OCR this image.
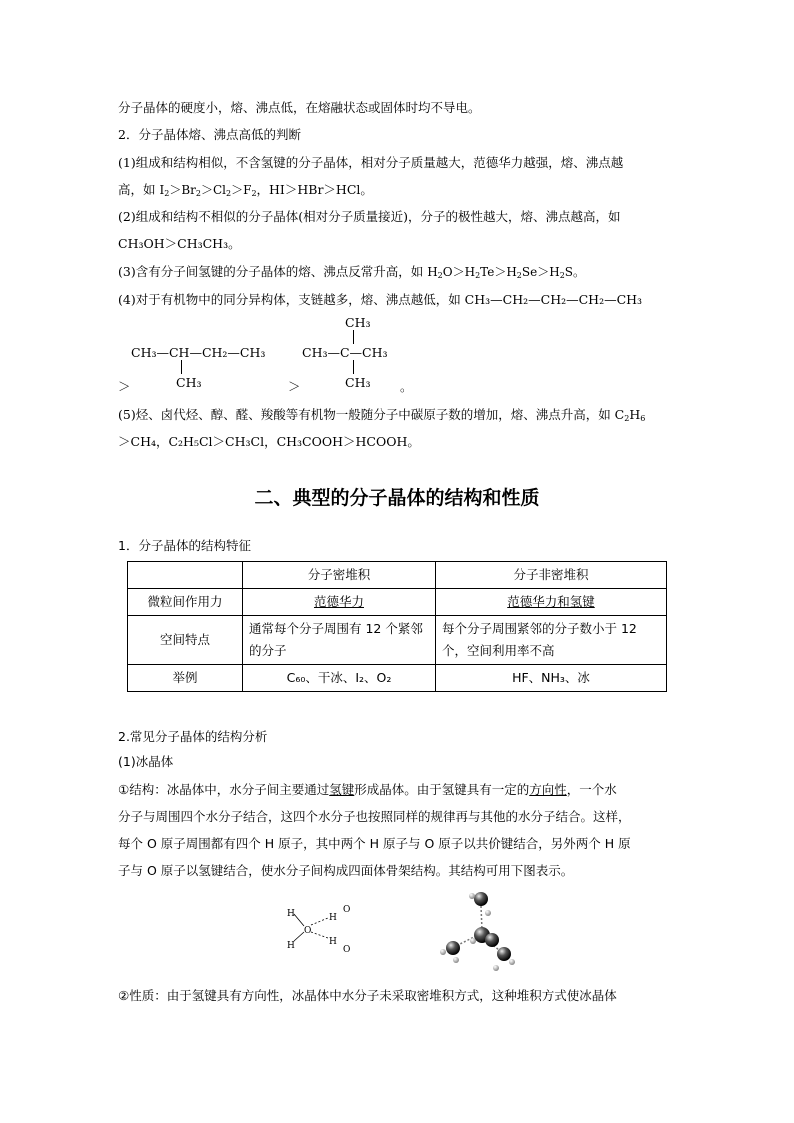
分子晶体的硬度小，熔、沸点低，在熔融状态或固体时均不导电。
2．分子晶体熔、沸点高低的判断
(1)组成和结构相似，不含氢键的分子晶体，相对分子质量越大，范德华力越强，熔、沸点越
高，如 $I_2>Br_2>Cl_2>F_2$，HI＞HBr＞HCl。
(2)组成和结构不相似的分子晶体(相对分子质量接近)，分子的极性越大，熔、沸点越高，如
CH₃OH＞CH₃CH₃。
(3)含有分子间氢键的分子晶体的熔、沸点反常升高，如 $H_2O>H_2Te>H_2Se>H_2S$。
(4)对于有机物中的同分异构体，支链越多，熔、沸点越低，如 CH₃—CH₂—CH₂—CH₂—CH₃
＞
CH₃—CH—CH₂—CH₃
CH₃	＞
CH₃
CH₃—C—CH₃
CH₃ 。
(5)烃、卤代烃、醇、醛、羧酸等有机物一般随分子中碳原子数的增加，熔、沸点升高，如 $C_2H_6$
＞CH₄，C₂H₅Cl＞CH₃Cl，CH₃COOH＞HCOOH。
二、典型的分子晶体的结构和性质
1．分子晶体的结构特征
	分子密堆积	分子非密堆积
微粒间作用力	范德华力	范德华力和氢键
空间特点	通常每个分子周围有 12 个紧邻的分子	每个分子周围紧邻的分子数小于 12 个，空间利用率不高
举例	C₆₀、干冰、I₂、O₂	HF、NH₃、冰
2.常见分子晶体的结构分析
(1)冰晶体
①结构：冰晶体中，水分子间主要通过氢键形成晶体。由于氢键具有一定的方向性，一个水
分子与周围四个水分子结合，这四个水分子也按照同样的规律再与其他的水分子结合。这样，
每个 O 原子周围都有四个 H 原子，其中两个 H 原子与 O 原子以共价键结合，另外两个 H 原
子与 O 原子以氢键结合，使水分子间构成四面体骨架结构。其结构可用下图表示。
H
H
O
H
O
H
O
②性质：由于氢键具有方向性，冰晶体中水分子未采取密堆积方式，这种堆积方式使冰晶体
